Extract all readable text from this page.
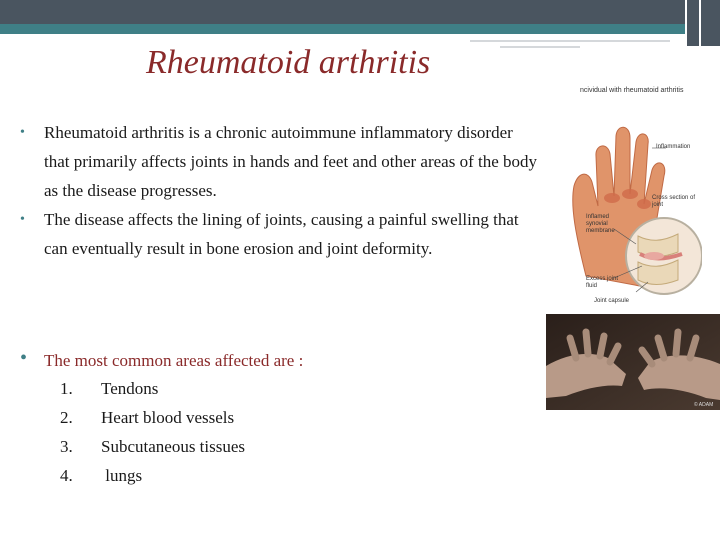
Rheumatoid arthritis
• Rheumatoid arthritis is a chronic autoimmune inflammatory disorder that primarily affects joints in hands and feet and other areas of the body as the disease progresses.
• The disease affects the lining of joints, causing a painful swelling that can eventually result in bone erosion and joint deformity.
• The most common areas affected are :
1. Tendons
2. Heart blood vessels
3. Subcutaneous tissues
4. lungs
ncividual with rheumatoid arthritis
Inflammation
Cross section of joint
Inflamed synovial membrane
Excess joint fluid
Joint capsule
© ADAM
